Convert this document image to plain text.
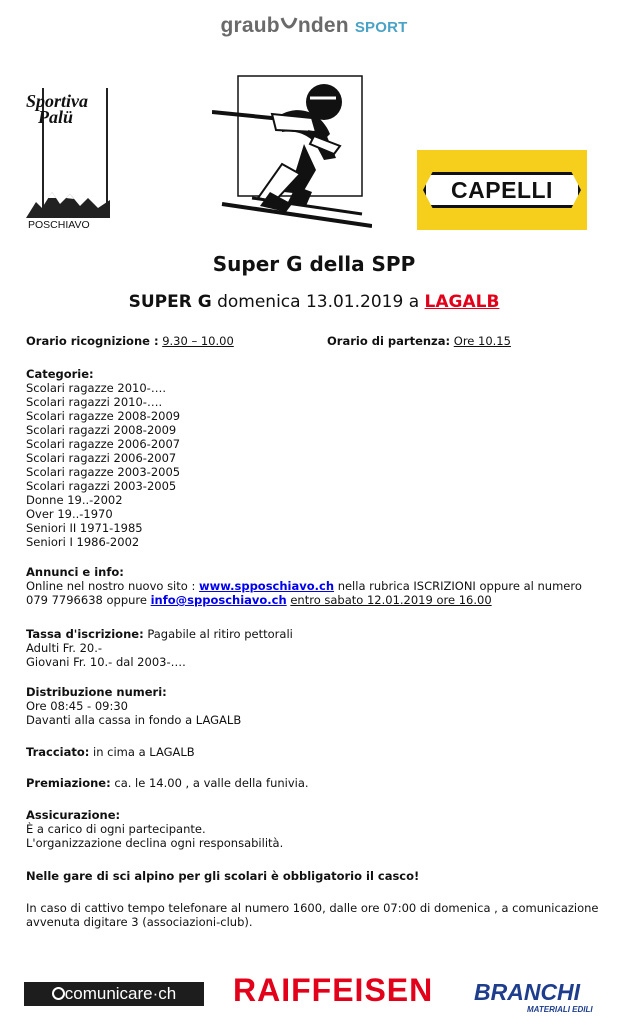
graub nden SPORT
Sportiva
Palü
POSCHIAVO
CAPELLI
Super G della SPP
SUPER G domenica 13.01.2019 a LAGALB
Orario ricognizione : 9.30 – 10.00	Orario di partenza: Ore 10.15
Categorie:
Scolari ragazze 2010-….
Scolari ragazzi 2010-….
Scolari ragazze 2008-2009
Scolari ragazzi 2008-2009
Scolari ragazze 2006-2007
Scolari ragazzi 2006-2007
Scolari ragazze 2003-2005
Scolari ragazzi 2003-2005
Donne 19..-2002
Over 19..-1970
Seniori II 1971-1985
Seniori I 1986-2002
Annunci e info:
Online nel nostro nuovo sito : www.spposchiavo.ch nella rubrica ISCRIZIONI oppure al numero
079 7796638 oppure info@spposchiavo.ch entro sabato 12.01.2019 ore 16.00
Tassa d'iscrizione: Pagabile al ritiro pettorali
Adulti Fr. 20.-
Giovani Fr. 10.- dal 2003-….
Distribuzione numeri:
Ore 08:45 - 09:30
Davanti alla cassa in fondo a LAGALB
Tracciato: in cima a LAGALB
Premiazione: ca. le 14.00 , a valle della funivia.
Assicurazione:
È a carico di ogni partecipante.
L'organizzazione declina ogni responsabilità.
Nelle gare di sci alpino per gli scolari è obbligatorio il casco!
In caso di cattivo tempo telefonare al numero 1600, dalle ore 07:00 di domenica , a comunicazione
avvenuta digitare 3 (associazioni-club).
comunicare·ch	RAIFFEISEN BRANCHI
MATERIALI EDILI
